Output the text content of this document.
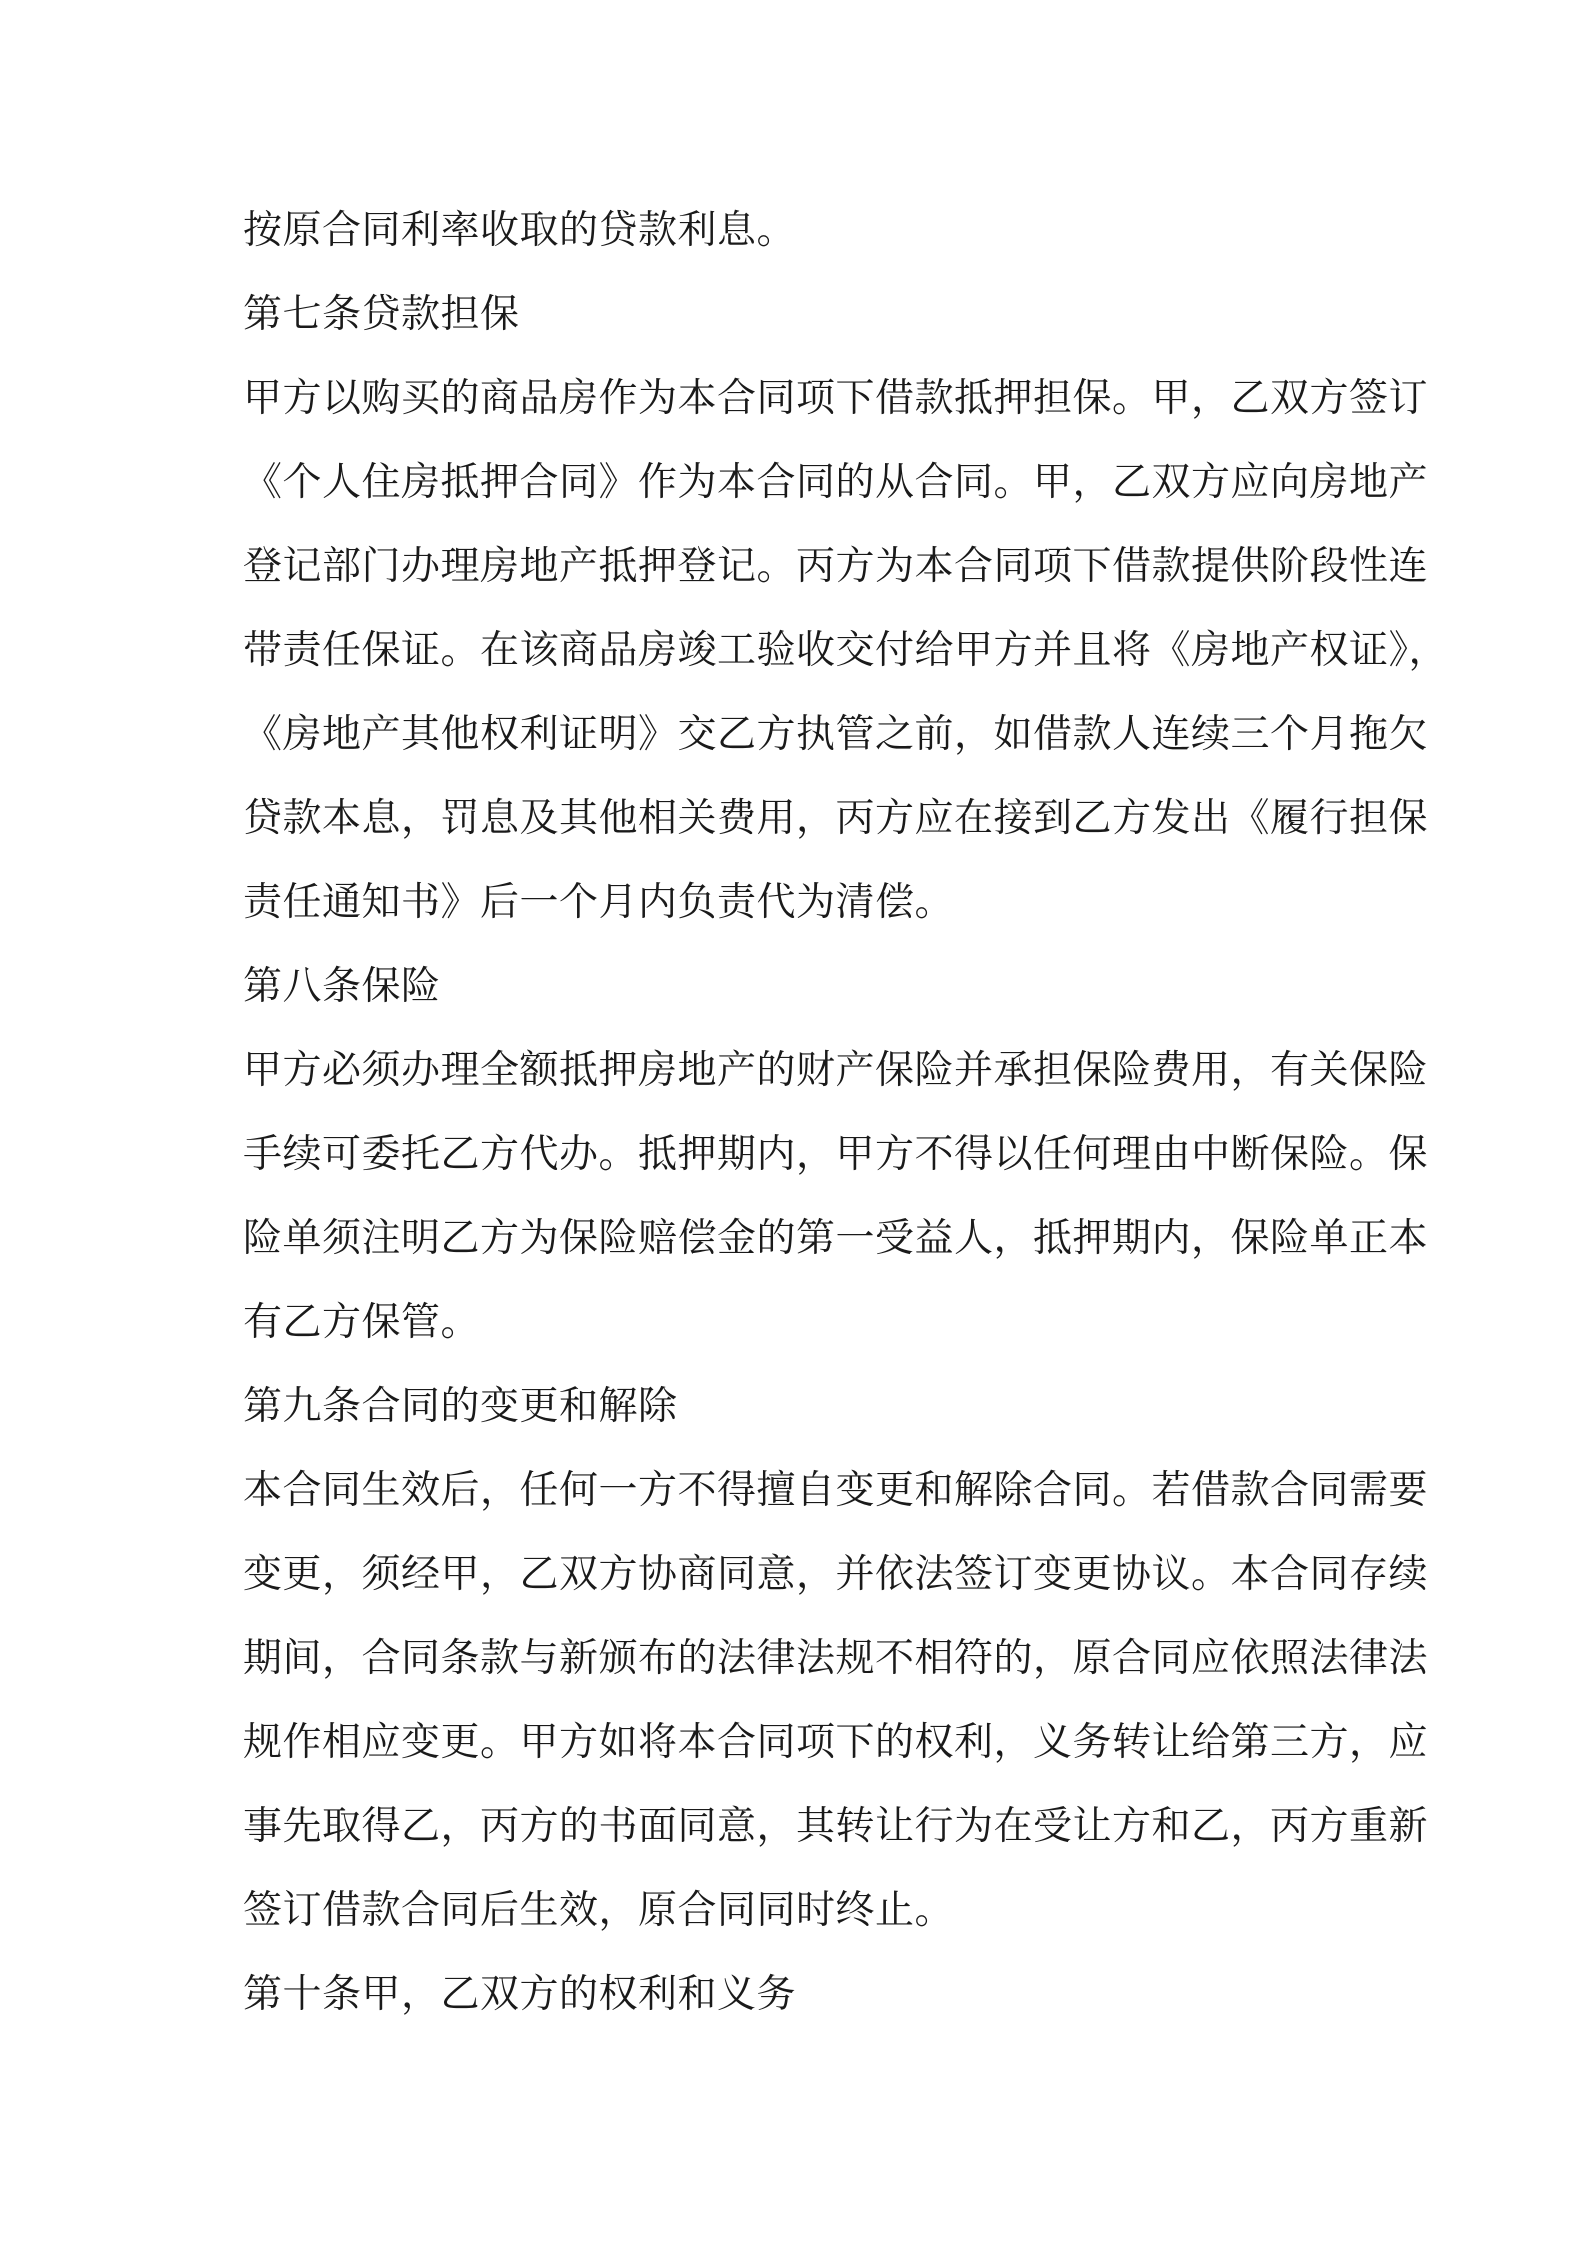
按原合同利率收取的贷款利息。
第七条贷款担保
甲方以购买的商品房作为本合同项下借款抵押担保。甲，乙双方签订
《个人住房抵押合同》作为本合同的从合同。甲，乙双方应向房地产
登记部门办理房地产抵押登记。丙方为本合同项下借款提供阶段性连
带责任保证。在该商品房竣工验收交付给甲方并且将《房地产权证》，
《房地产其他权利证明》交乙方执管之前，如借款人连续三个月拖欠
贷款本息，罚息及其他相关费用，丙方应在接到乙方发出《履行担保
责任通知书》后一个月内负责代为清偿。
第八条保险
甲方必须办理全额抵押房地产的财产保险并承担保险费用，有关保险
手续可委托乙方代办。抵押期内，甲方不得以任何理由中断保险。保
险单须注明乙方为保险赔偿金的第一受益人，抵押期内，保险单正本
有乙方保管。
第九条合同的变更和解除
本合同生效后，任何一方不得擅自变更和解除合同。若借款合同需要
变更，须经甲，乙双方协商同意，并依法签订变更协议。本合同存续
期间，合同条款与新颁布的法律法规不相符的，原合同应依照法律法
规作相应变更。甲方如将本合同项下的权利，义务转让给第三方，应
事先取得乙，丙方的书面同意，其转让行为在受让方和乙，丙方重新
签订借款合同后生效，原合同同时终止。
第十条甲，乙双方的权利和义务
